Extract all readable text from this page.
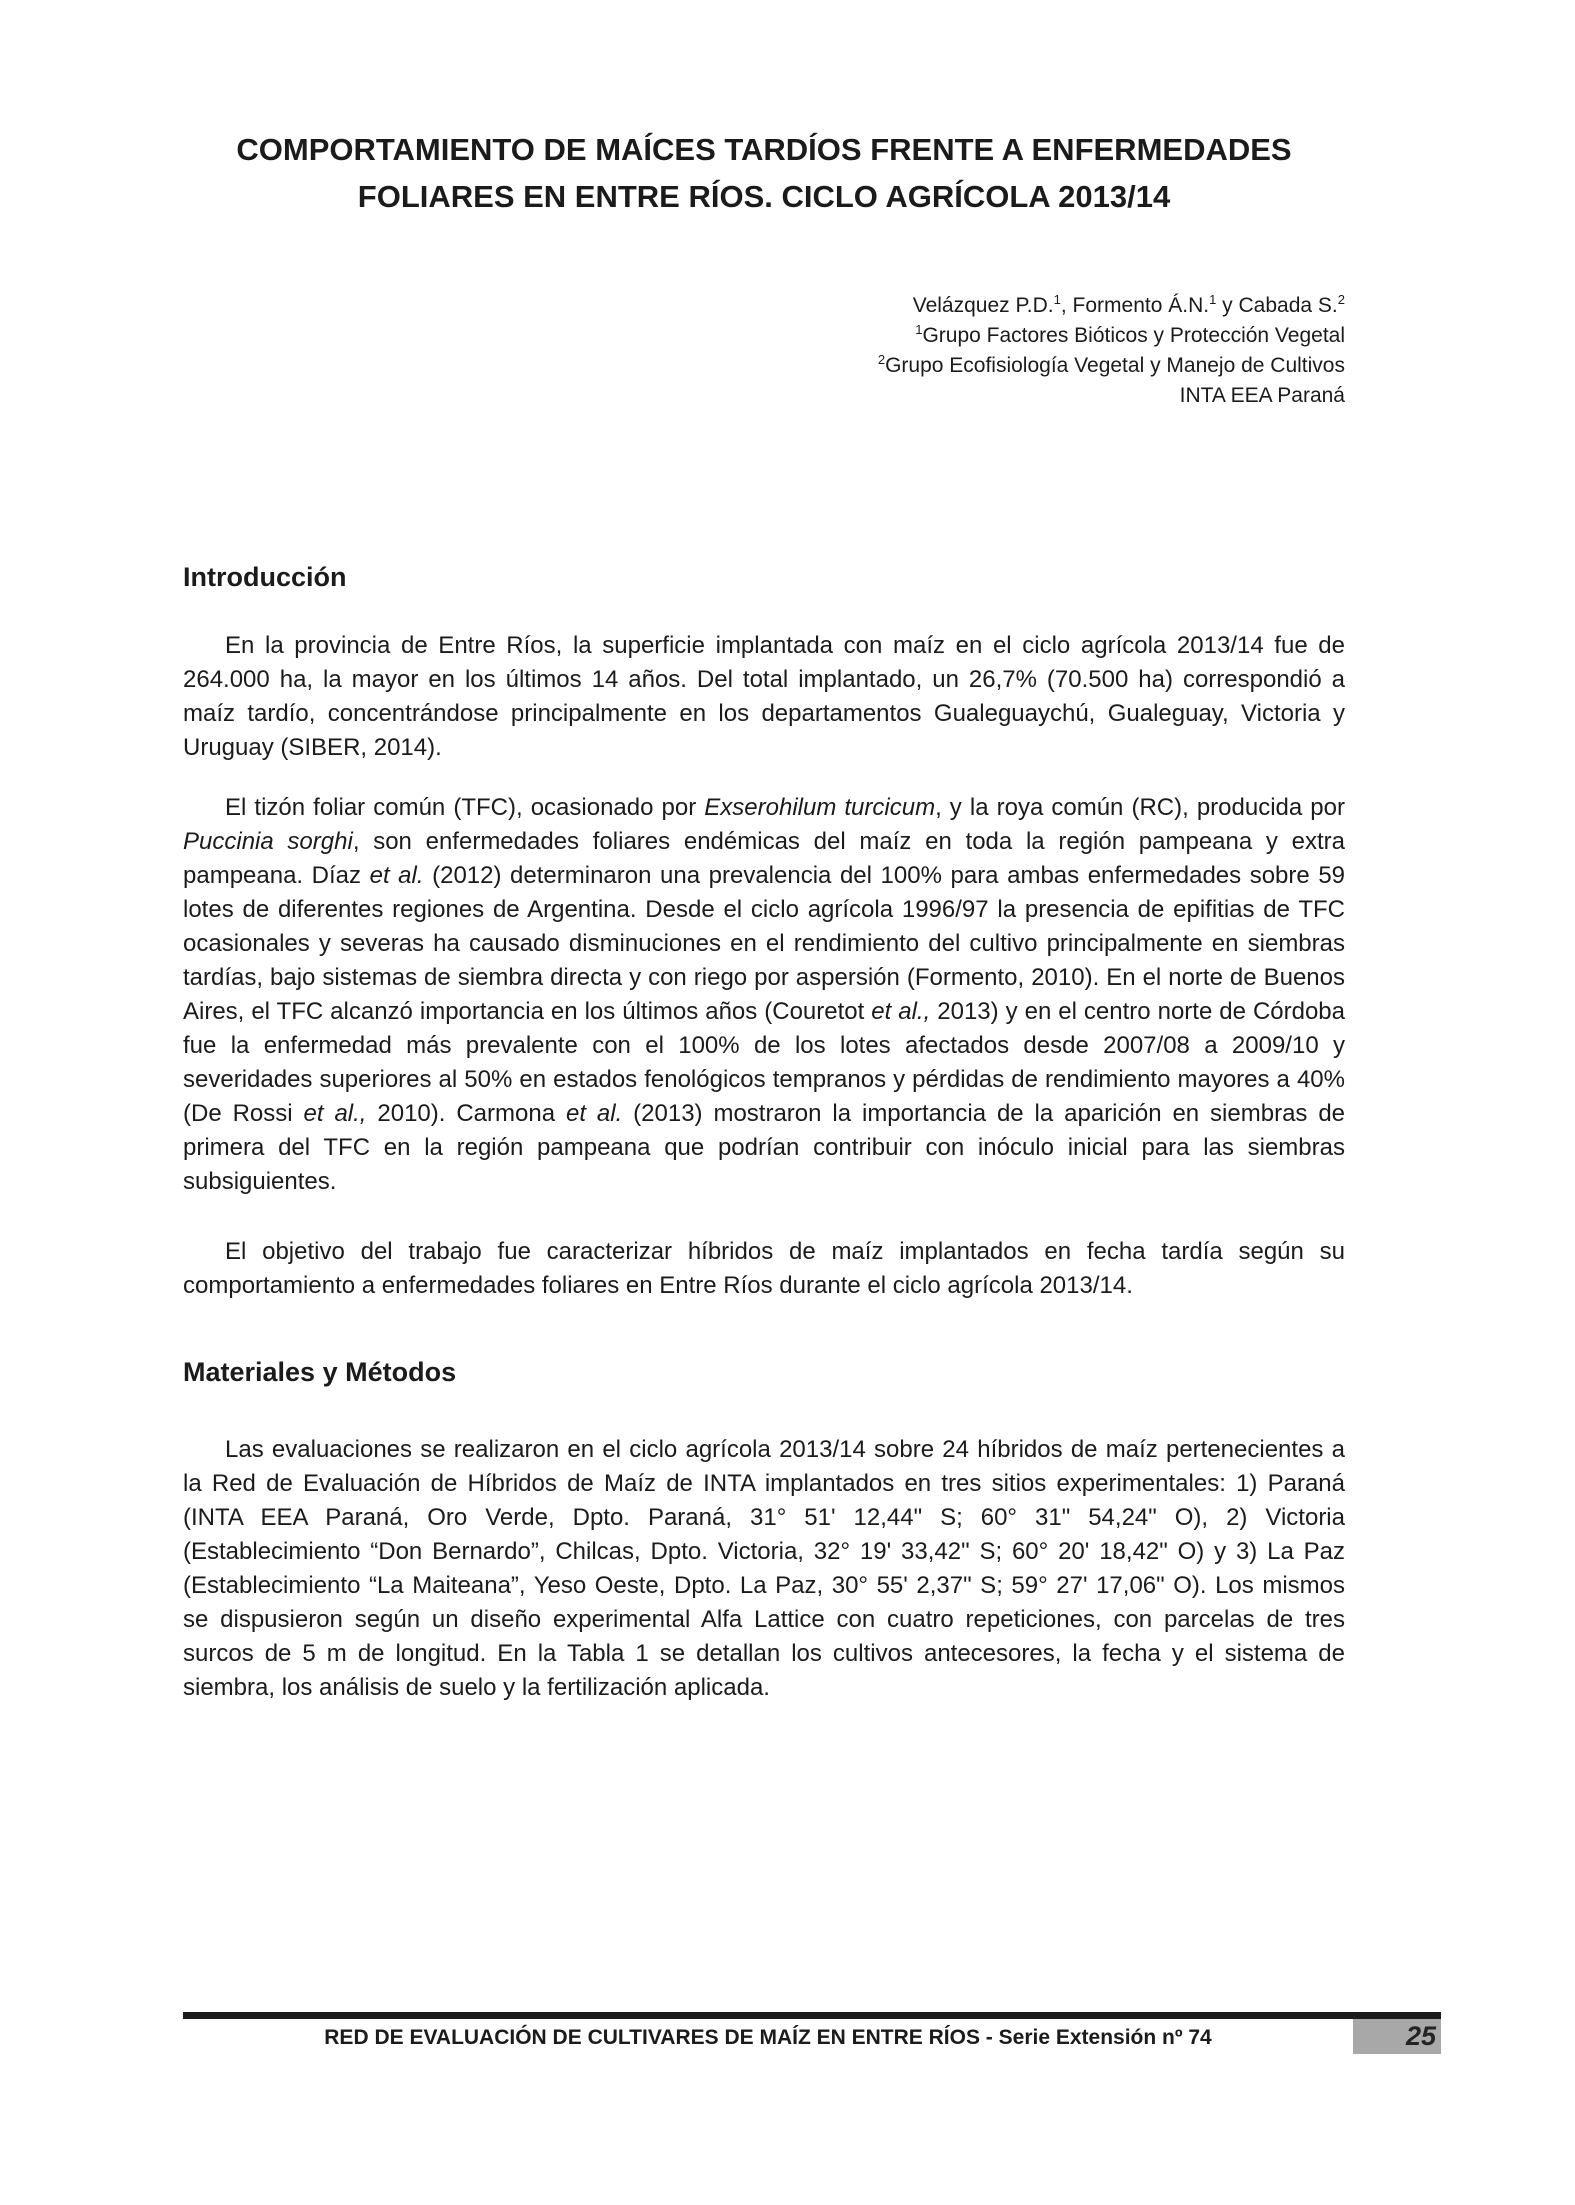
COMPORTAMIENTO DE MAÍCES TARDÍOS FRENTE A ENFERMEDADES
FOLIARES EN ENTRE RÍOS. CICLO AGRÍCOLA 2013/14
Velázquez P.D.$^1$, Formento Á.N.$^1$ y Cabada S.$^2$
$^1$Grupo Factores Bióticos y Protección Vegetal
$^2$Grupo Ecofisiología Vegetal y Manejo de Cultivos
INTA EEA Paraná
Introducción

En la provincia de Entre Ríos, la superficie implantada con maíz en el ciclo agrícola 2013/14 fue de 264.000 ha, la mayor en los últimos 14 años. Del total implantado, un 26,7% (70.500 ha) correspondió a maíz tardío, concentrándose principalmente en los departamentos Gualeguaychú, Gualeguay, Victoria y Uruguay (SIBER, 2014).

El tizón foliar común (TFC), ocasionado por Exserohilum turcicum, y la roya común (RC), producida por Puccinia sorghi, son enfermedades foliares endémicas del maíz en toda la región pampeana y extra pampeana. Díaz et al. (2012) determinaron una prevalencia del 100% para ambas enfermedades sobre 59 lotes de diferentes regiones de Argentina. Desde el ciclo agrícola 1996/97 la presencia de epifitias de TFC ocasionales y severas ha causado disminuciones en el rendimiento del cultivo principalmente en siembras tardías, bajo sistemas de siembra directa y con riego por aspersión (Formento, 2010). En el norte de Buenos Aires, el TFC alcanzó importancia en los últimos años (Couretot et al., 2013) y en el centro norte de Córdoba fue la enfermedad más prevalente con el 100% de los lotes afectados desde 2007/08 a 2009/10 y severidades superiores al 50% en estados fenológicos tempranos y pérdidas de rendimiento mayores a 40% (De Rossi et al., 2010). Carmona et al. (2013) mostraron la importancia de la aparición en siembras de primera del TFC en la región pampeana que podrían contribuir con inóculo inicial para las siembras subsiguientes.

El objetivo del trabajo fue caracterizar híbridos de maíz implantados en fecha tardía según su comportamiento a enfermedades foliares en Entre Ríos durante el ciclo agrícola 2013/14.

Materiales y Métodos

Las evaluaciones se realizaron en el ciclo agrícola 2013/14 sobre 24 híbridos de maíz pertenecientes a la Red de Evaluación de Híbridos de Maíz de INTA implantados en tres sitios experimentales: 1) Paraná (INTA EEA Paraná, Oro Verde, Dpto. Paraná, 31° 51' 12,44" S; 60° 31" 54,24" O), 2) Victoria (Establecimiento “Don Bernardo”, Chilcas, Dpto. Victoria, 32° 19' 33,42" S; 60° 20' 18,42" O) y 3) La Paz (Establecimiento “La Maiteana”, Yeso Oeste, Dpto. La Paz, 30° 55' 2,37" S; 59° 27' 17,06" O). Los mismos se dispusieron según un diseño experimental Alfa Lattice con cuatro repeticiones, con parcelas de tres surcos de 5 m de longitud. En la Tabla 1 se detallan los cultivos antecesores, la fecha y el sistema de siembra, los análisis de suelo y la fertilización aplicada.

RED DE EVALUACIÓN DE CULTIVARES DE MAÍZ EN ENTRE RÍOS - Serie Extensión nº 74	25
